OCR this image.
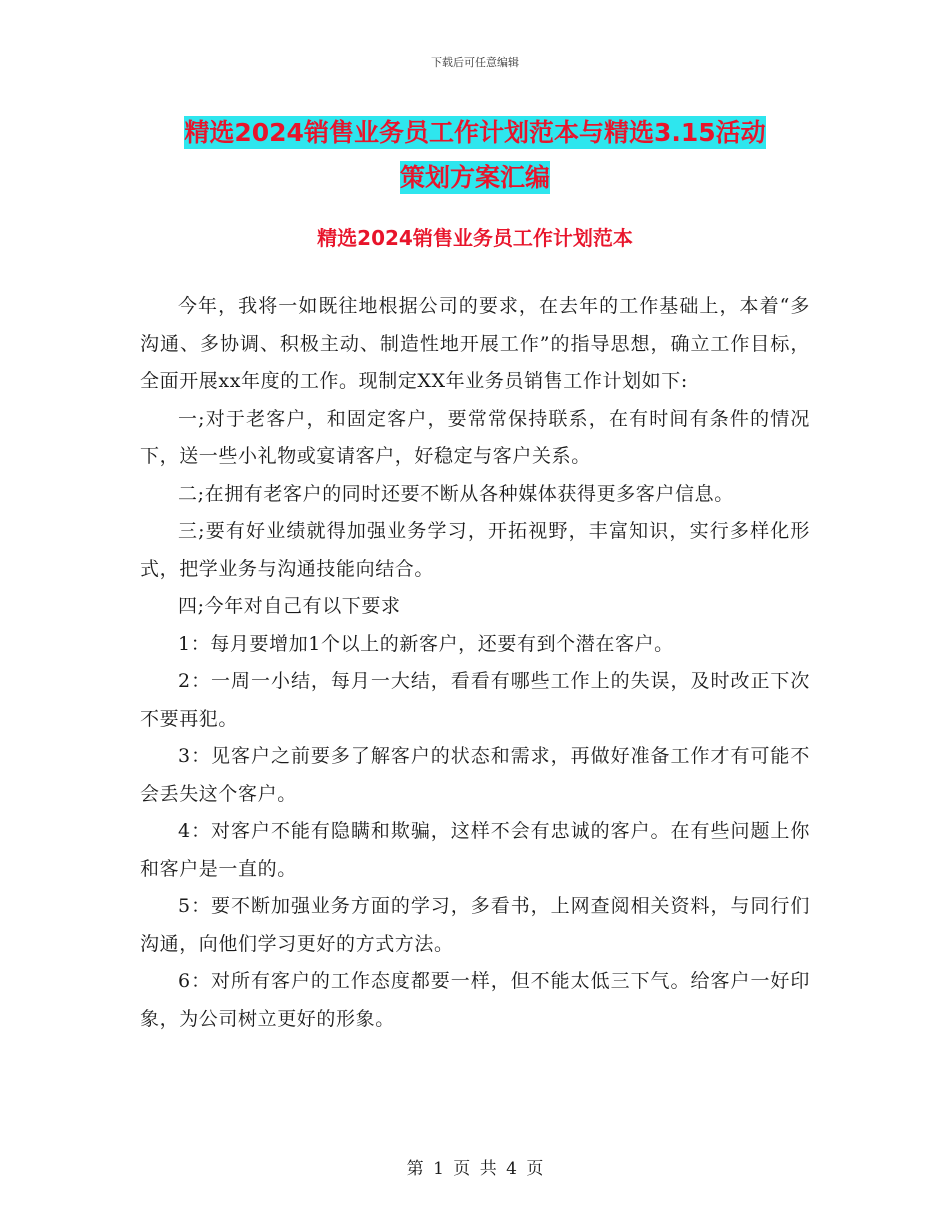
下载后可任意编辑
精选2024销售业务员工作计划范本与精选3.15活动
策划方案汇编
精选2024销售业务员工作计划范本

今年，我将一如既往地根据公司的要求，在去年的工作基础上，本着“多沟通、多协调、积极主动、制造性地开展工作”的指导思想，确立工作目标，全面开展xx年度的工作。现制定XX年业务员销售工作计划如下:

一;对于老客户，和固定客户，要常常保持联系，在有时间有条件的情况下，送一些小礼物或宴请客户，好稳定与客户关系。

二;在拥有老客户的同时还要不断从各种媒体获得更多客户信息。

三;要有好业绩就得加强业务学习，开拓视野，丰富知识，实行多样化形式，把学业务与沟通技能向结合。

四;今年对自己有以下要求

1：每月要增加1个以上的新客户，还要有到个潜在客户。

2：一周一小结，每月一大结，看看有哪些工作上的失误，及时改正下次不要再犯。

3：见客户之前要多了解客户的状态和需求，再做好准备工作才有可能不会丢失这个客户。

4：对客户不能有隐瞒和欺骗，这样不会有忠诚的客户。在有些问题上你和客户是一直的。

5：要不断加强业务方面的学习，多看书，上网查阅相关资料，与同行们沟通，向他们学习更好的方式方法。

6：对所有客户的工作态度都要一样，但不能太低三下气。给客户一好印象，为公司树立更好的形象。

第 1 页 共 4 页
